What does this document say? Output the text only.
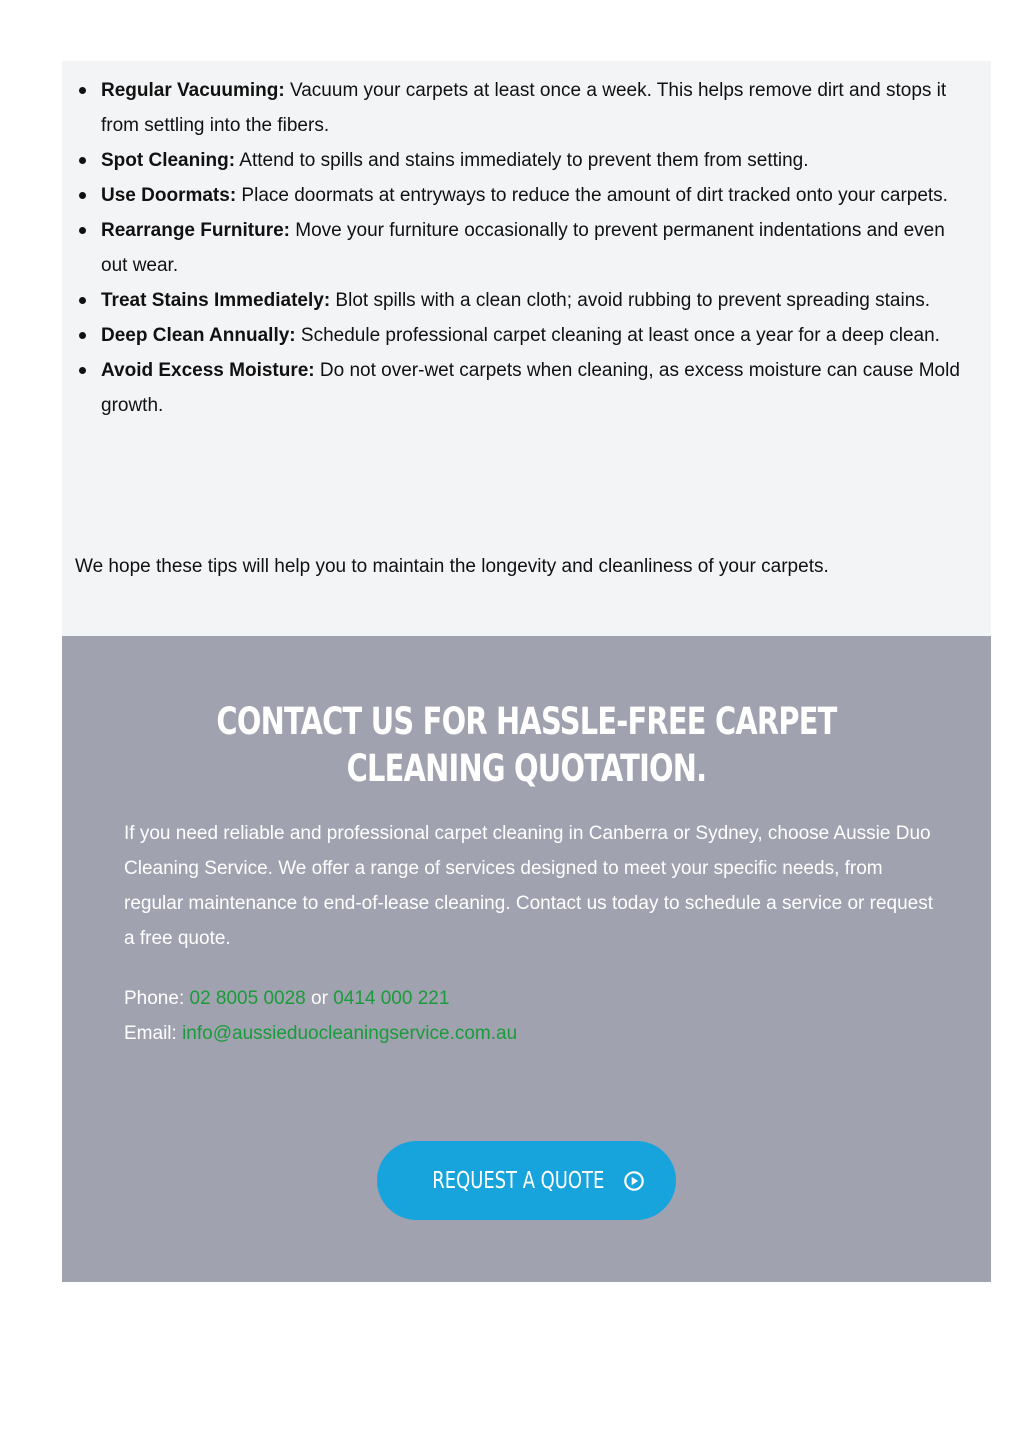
Regular Vacuuming: Vacuum your carpets at least once a week. This helps remove dirt and stops it from settling into the fibers.
Spot Cleaning: Attend to spills and stains immediately to prevent them from setting.
Use Doormats: Place doormats at entryways to reduce the amount of dirt tracked onto your carpets.
Rearrange Furniture: Move your furniture occasionally to prevent permanent indentations and even out wear.
Treat Stains Immediately: Blot spills with a clean cloth; avoid rubbing to prevent spreading stains.
Deep Clean Annually: Schedule professional carpet cleaning at least once a year for a deep clean.
Avoid Excess Moisture: Do not over-wet carpets when cleaning, as excess moisture can cause Mold growth.

We hope these tips will help you to maintain the longevity and cleanliness of your carpets.

CONTACT US FOR HASSLE-FREE CARPET CLEANING QUOTATION.

If you need reliable and professional carpet cleaning in Canberra or Sydney, choose Aussie Duo Cleaning Service. We offer a range of services designed to meet your specific needs, from regular maintenance to end-of-lease cleaning. Contact us today to schedule a service or request a free quote.

Phone: 02 8005 0028 or 0414 000 221
Email: info@aussieduocleaningservice.com.au
REQUEST A QUOTE
